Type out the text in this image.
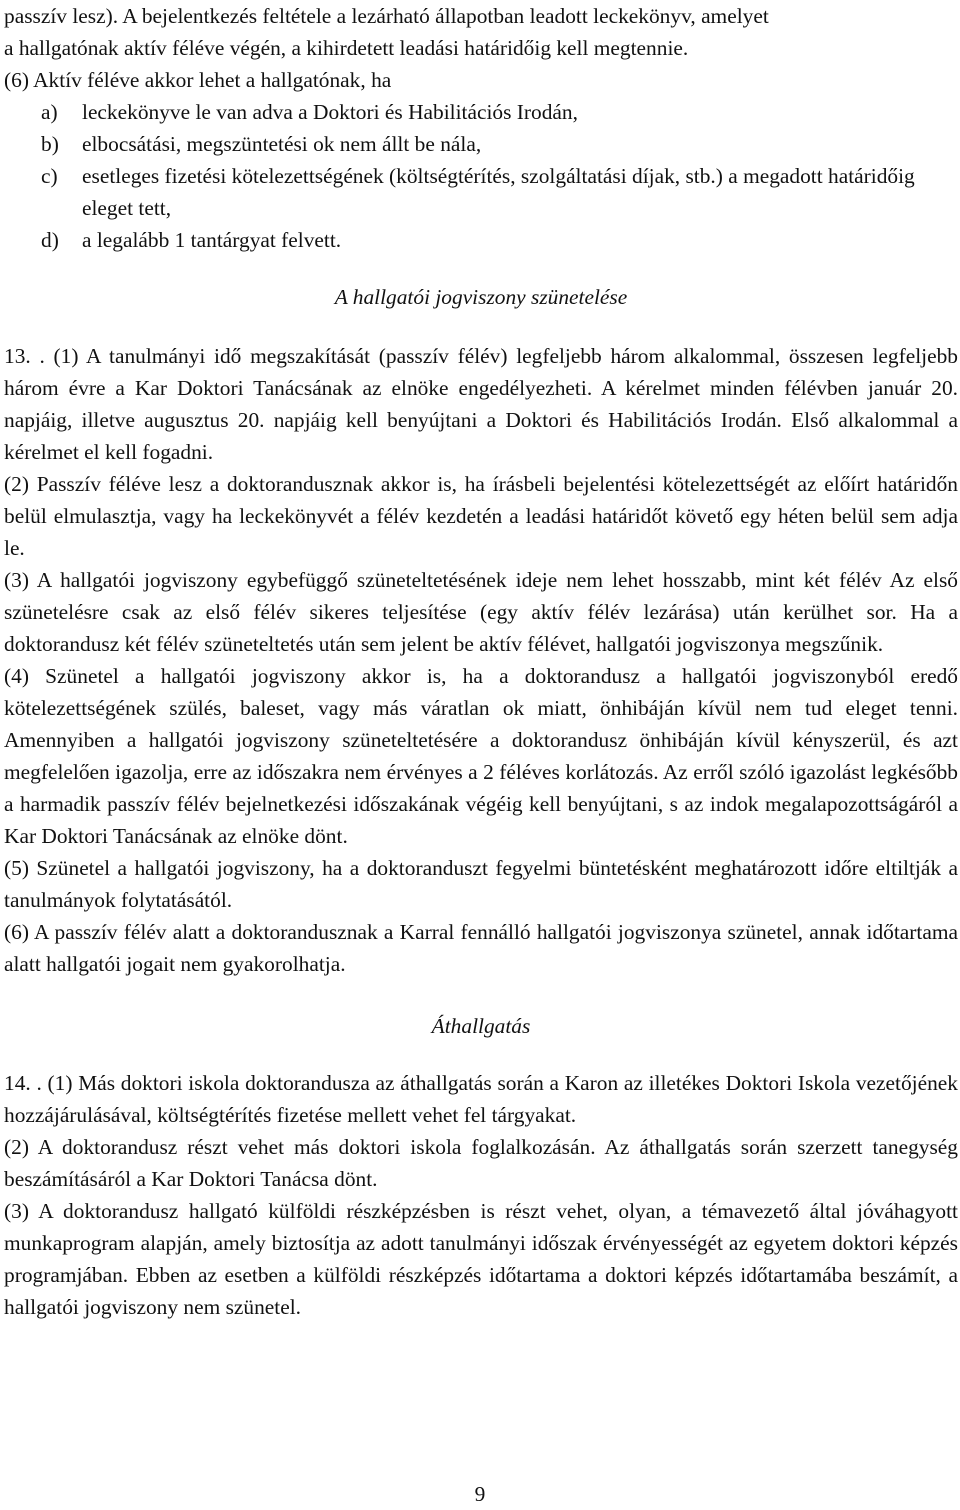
passzív lesz). A bejelentkezés feltétele a lezárható állapotban leadott leckekönyv, amelyet
a hallgatónak aktív féléve végén, a kihirdetett leadási határidőig kell megtennie.

(6) Aktív féléve akkor lehet a hallgatónak, ha

a) leckekönyve le van adva a Doktori és Habilitációs Irodán,
b) elbocsátási, megszüntetési ok nem állt be nála,
c) esetleges fizetési kötelezettségének (költségtérítés, szolgáltatási díjak, stb.) a megadott határidőig eleget tett,
d) a legalább 1 tantárgyat felvett.

A hallgatói jogviszony szünetelése

13. . (1) A tanulmányi idő megszakítását (passzív félév) legfeljebb három alkalommal, összesen legfeljebb három évre a Kar Doktori Tanácsának az elnöke engedélyezheti. A kérelmet minden félévben január 20. napjáig, illetve augusztus 20. napjáig kell benyújtani a Doktori és Habilitációs Irodán. Első alkalommal a kérelmet el kell fogadni.

(2) Passzív féléve lesz a doktorandusznak akkor is, ha írásbeli bejelentési kötelezettségét az előírt határidőn belül elmulasztja, vagy ha leckekönyvét a félév kezdetén a leadási határidőt követő egy héten belül sem adja le.

(3) A hallgatói jogviszony egybefüggő szüneteltetésének ideje nem lehet hosszabb, mint két félév Az első szünetelésre csak az első félév sikeres teljesítése (egy aktív félév lezárása) után kerülhet sor. Ha a doktorandusz két félév szüneteltetés után sem jelent be aktív félévet, hallgatói jogviszonya megszűnik.

(4) Szünetel a hallgatói jogviszony akkor is, ha a doktorandusz a hallgatói jogviszonyból eredő kötelezettségének szülés, baleset, vagy más váratlan ok miatt, önhibáján kívül nem tud eleget tenni. Amennyiben a hallgatói jogviszony szüneteltetésére a doktorandusz önhibáján kívül kényszerül, és azt megfelelően igazolja, erre az időszakra nem érvényes a 2 féléves korlátozás. Az erről szóló igazolást legkésőbb a harmadik passzív félév bejelnetkezési időszakának végéig kell benyújtani, s az indok megalapozottságáról a Kar Doktori Tanácsának az elnöke dönt.

(5) Szünetel a hallgatói jogviszony, ha a doktoranduszt fegyelmi büntetésként meghatározott időre eltiltják a tanulmányok folytatásától.

(6) A passzív félév alatt a doktorandusznak a Karral fennálló hallgatói jogviszonya szünetel, annak időtartama alatt hallgatói jogait nem gyakorolhatja.

Áthallgatás

14. . (1) Más doktori iskola doktorandusza az áthallgatás során a Karon az illetékes Doktori Iskola vezetőjének hozzájárulásával, költségtérítés fizetése mellett vehet fel tárgyakat.

(2) A doktorandusz részt vehet más doktori iskola foglalkozásán. Az áthallgatás során szerzett tanegység beszámításáról a Kar Doktori Tanácsa dönt.

(3) A doktorandusz hallgató külföldi részképzésben is részt vehet, olyan, a témavezető által jóváhagyott munkaprogram alapján, amely biztosítja az adott tanulmányi időszak érvényességét az egyetem doktori képzés programjában. Ebben az esetben a külföldi részképzés időtartama a doktori képzés időtartamába beszámít, a hallgatói jogviszony nem szünetel.

9
